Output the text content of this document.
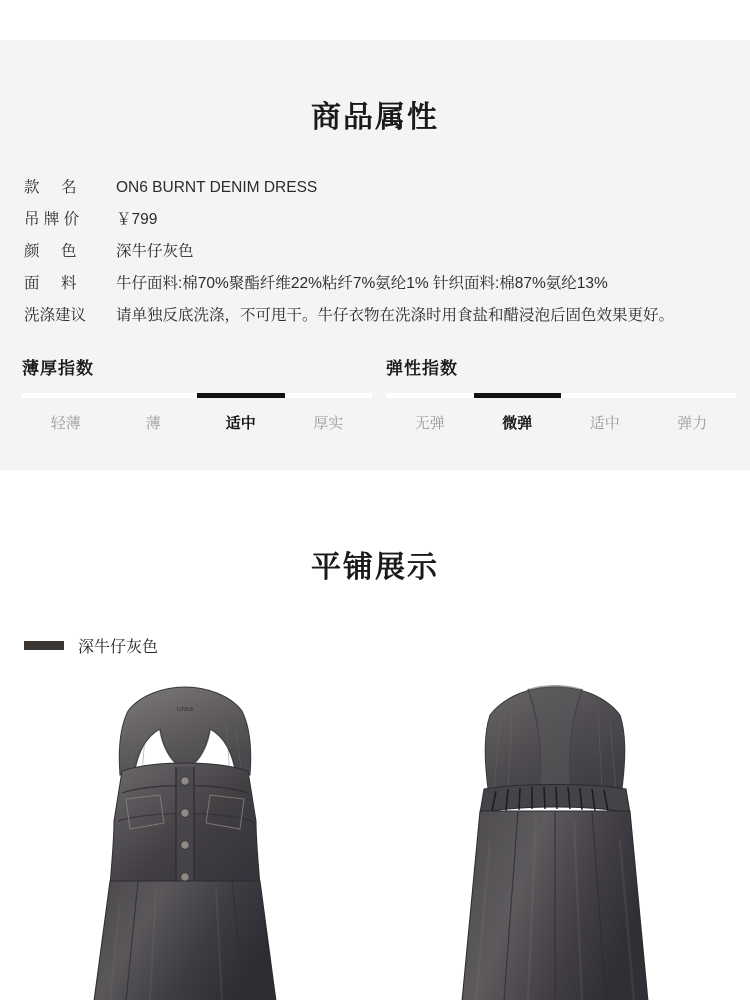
商品属性
款     名	ON6 BURNT DENIM DRESS
吊 牌 价	￥799
颜     色	深牛仔灰色
面     料	牛仔面料:棉70%聚酯纤维22%粘纤7%氨纶1% 针织面料:棉87%氨纶13%
洗涤建议	请单独反底洗涤，不可甩干。牛仔衣物在洗涤时用食盐和醋浸泡后固色效果更好。
薄厚指数
轻薄	薄	适中	厚实
弹性指数
无弹	微弹	适中	弹力
平铺展示
深牛仔灰色
ONE6
